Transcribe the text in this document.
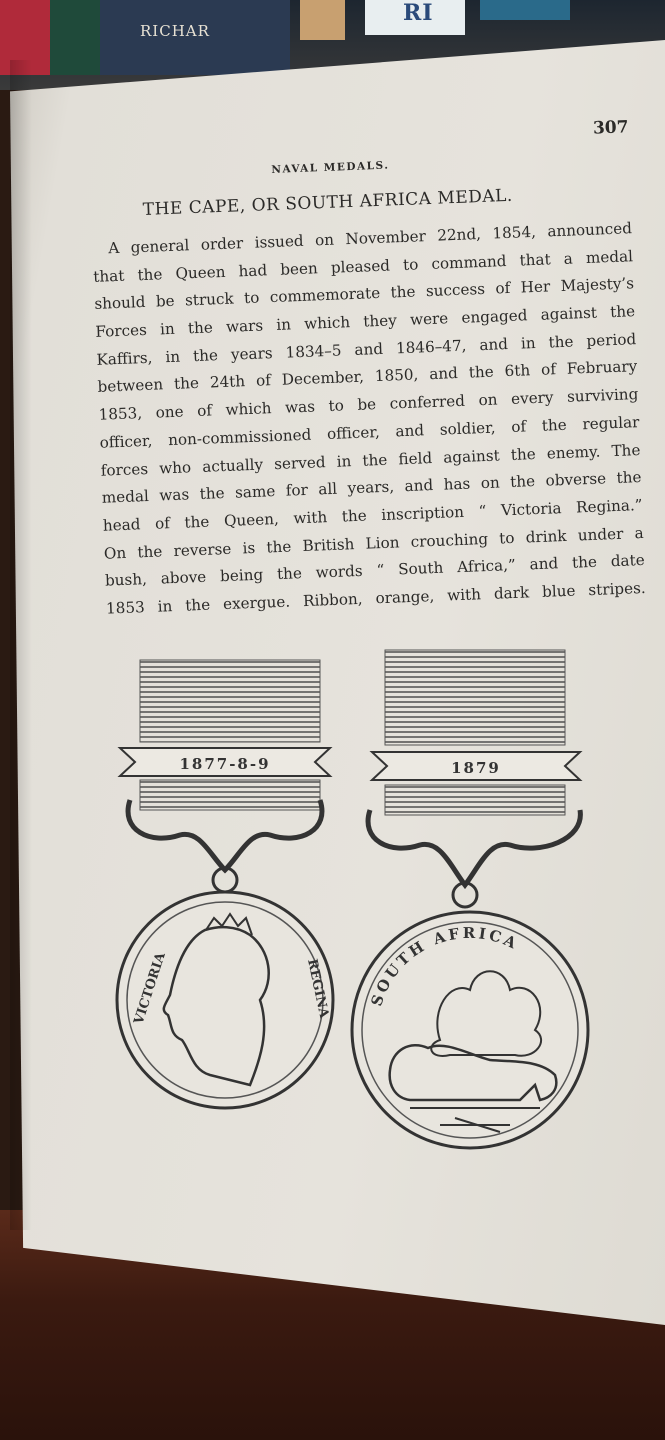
RICHAR
RI
307
NAVAL MEDALS.
THE CAPE, OR SOUTH AFRICA MEDAL.
A general order issued on November 22nd, 1854, announced
that the Queen had been pleased to command that a medal
should be struck to commemorate the success of Her Majesty’s
Forces in the wars in which they were engaged against the
Kaffirs, in the years 1834–5 and 1846–47, and in the period
between the 24th of December, 1850, and the 6th of February
1853, one of which was to be conferred on every surviving
officer, non-commissioned officer, and soldier, of the regular
forces who actually served in the field against the enemy. The
medal was the same for all years, and has on the obverse the
head of the Queen, with the inscription “ Victoria Regina.”
On the reverse is the British Lion crouching to drink under a
bush, above being the words “ South Africa,” and the date
1853 in the exergue. Ribbon, orange, with dark blue stripes.
1877-8-9
VICTORIA	REGINA
1879
SOUTH AFRICA
